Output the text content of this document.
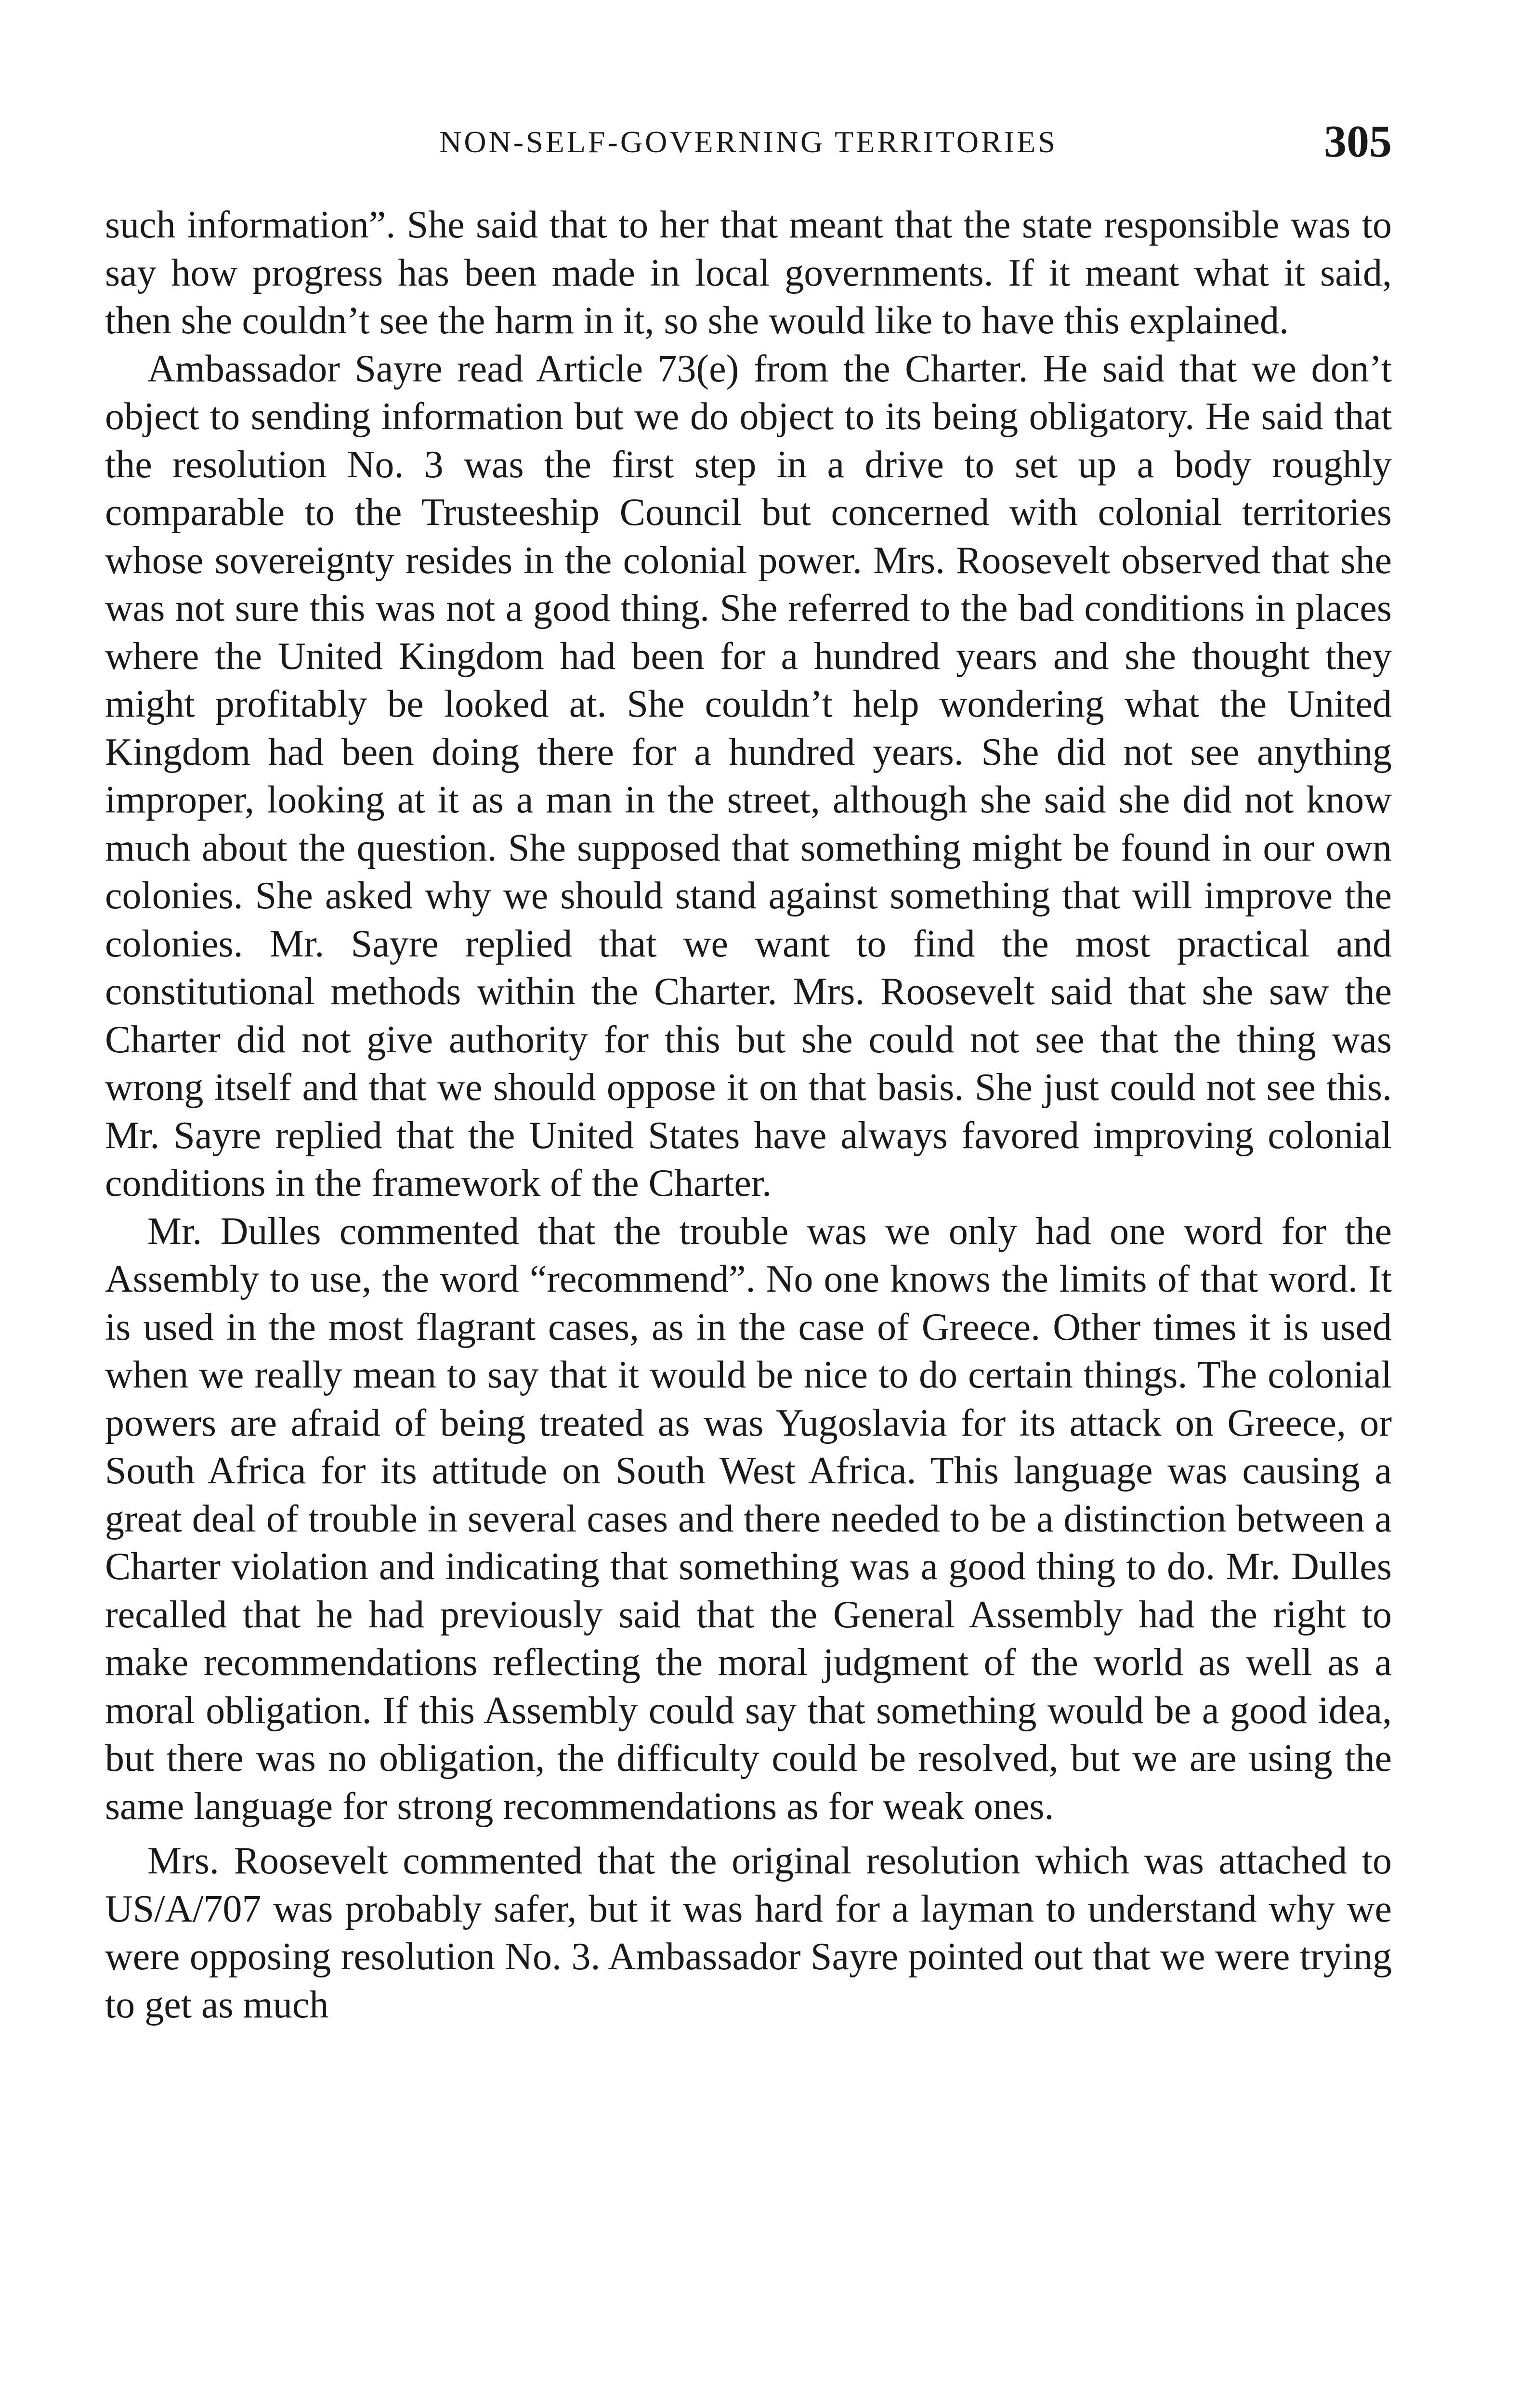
NON-SELF-GOVERNING TERRITORIES	305

such information”. She said that to her that meant that the state responsible was to say how progress has been made in local governments. If it meant what it said, then she couldn’t see the harm in it, so she would like to have this explained.

Ambassador Sayre read Article 73(e) from the Charter. He said that we don’t object to sending information but we do object to its being obligatory. He said that the resolution No. 3 was the first step in a drive to set up a body roughly comparable to the Trusteeship Council but concerned with colonial territories whose sovereignty resides in the colonial power. Mrs. Roosevelt observed that she was not sure this was not a good thing. She referred to the bad conditions in places where the United Kingdom had been for a hundred years and she thought they might profitably be looked at. She couldn’t help wondering what the United Kingdom had been doing there for a hundred years. She did not see anything improper, looking at it as a man in the street, although she said she did not know much about the question. She supposed that something might be found in our own colonies. She asked why we should stand against something that will improve the colonies. Mr. Sayre replied that we want to find the most practical and constitutional methods within the Charter. Mrs. Roosevelt said that she saw the Charter did not give authority for this but she could not see that the thing was wrong itself and that we should oppose it on that basis. She just could not see this. Mr. Sayre replied that the United States have always favored improving colonial conditions in the framework of the Charter.

Mr. Dulles commented that the trouble was we only had one word for the Assembly to use, the word “recommend”. No one knows the limits of that word. It is used in the most flagrant cases, as in the case of Greece. Other times it is used when we really mean to say that it would be nice to do certain things. The colonial powers are afraid of being treated as was Yugoslavia for its attack on Greece, or South Africa for its attitude on South West Africa. This language was causing a great deal of trouble in several cases and there needed to be a distinction between a Charter violation and indicating that something was a good thing to do. Mr. Dulles recalled that he had previously said that the General Assembly had the right to make recommendations reflecting the moral judgment of the world as well as a moral obligation. If this Assembly could say that something would be a good idea, but there was no obligation, the difficulty could be resolved, but we are using the same language for strong recommendations as for weak ones.

Mrs. Roosevelt commented that the original resolution which was attached to US/A/707 was probably safer, but it was hard for a layman to understand why we were opposing resolution No. 3. Ambassador Sayre pointed out that we were trying to get as much
